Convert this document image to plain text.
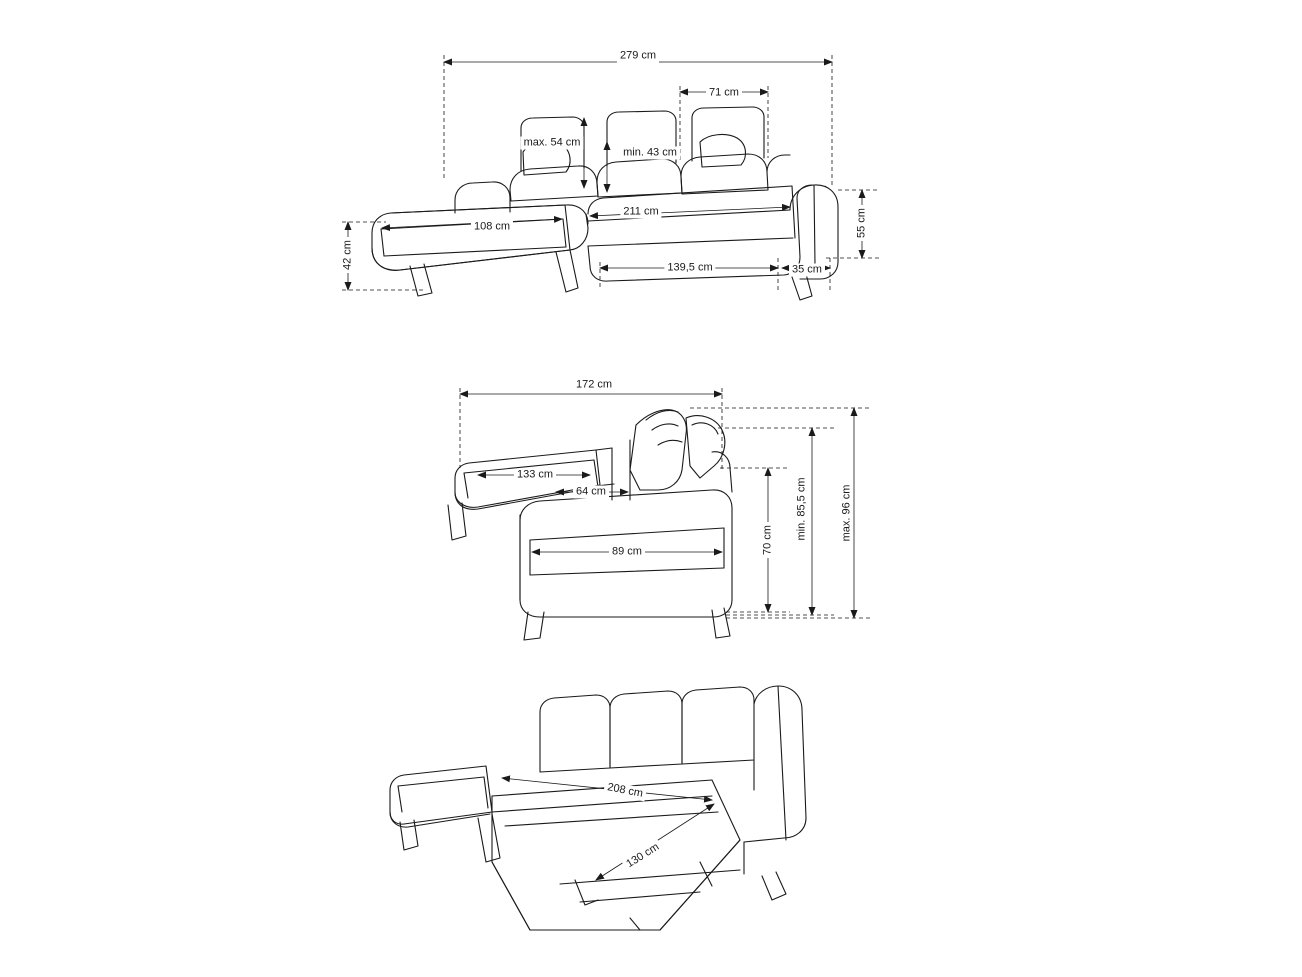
279 cm
71 cm
max. 54 cm
min. 43 cm
108 cm
211 cm
139,5 cm	35 cm
42 cm
55 cm
172 cm
133 cm
64 cm
89 cm	70 cm min. 85,5 cm	max. 96 cm
208 cm
130 cm
